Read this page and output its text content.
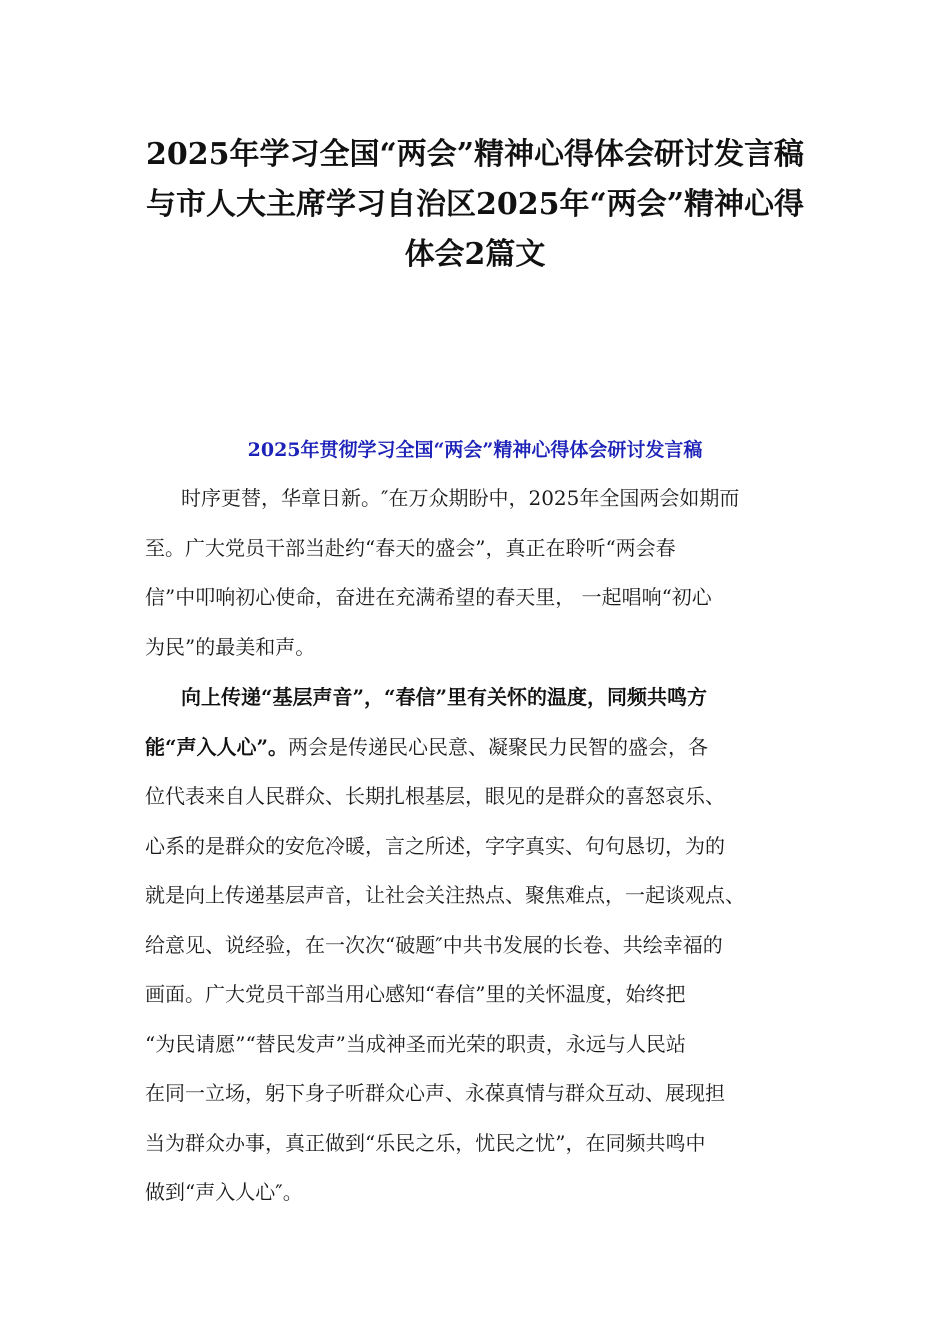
2025年学习全国“两会”精神心得体会研讨发言稿
与市人大主席学习自治区2025年“两会”精神心得
体会2篇文
2025年贯彻学习全国“两会”精神心得体会研讨发言稿
时序更替，华章日新。″在万众期盼中，2025年全国两会如期而
至。广大党员干部当赴约“春天的盛会”，真正在聆听“两会春
信”中叩响初心使命，奋进在充满希望的春天里， 一起唱响“初心
为民”的最美和声。
向上传递“基层声音”，“春信”里有关怀的温度，同频共鸣方
能“声入人心”。两会是传递民心民意、凝聚民力民智的盛会，各
位代表来自人民群众、长期扎根基层，眼见的是群众的喜怒哀乐、
心系的是群众的安危冷暖，言之所述，字字真实、句句恳切，为的
就是向上传递基层声音，让社会关注热点、聚焦难点，一起谈观点、
给意见、说经验，在一次次“破题″中共书发展的长卷、共绘幸福的
画面。广大党员干部当用心感知“春信”里的关怀温度，始终把
“为民请愿”“替民发声”当成神圣而光荣的职责，永远与人民站
在同一立场，躬下身子听群众心声、永葆真情与群众互动、展现担
当为群众办事，真正做到“乐民之乐，忧民之忧”，在同频共鸣中
做到“声入人心″。
